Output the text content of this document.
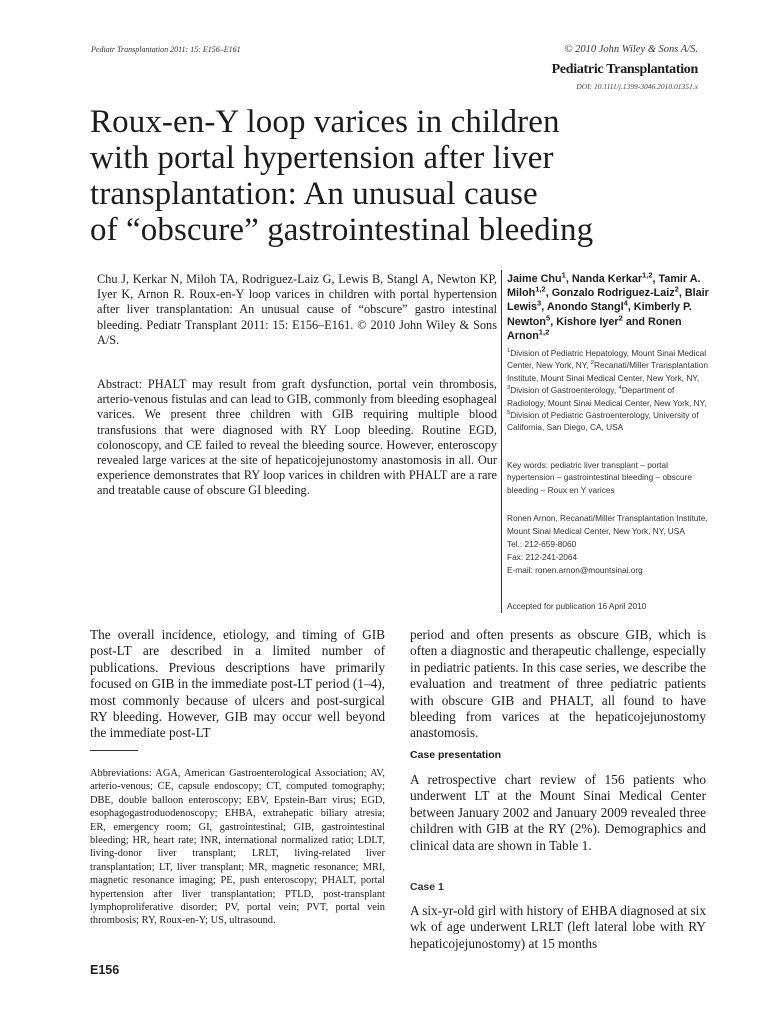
Pediatr Transplantation 2011: 15: E156–E161	© 2010 John Wiley & Sons A/S.
Pediatric Transplantation
DOI: 10.1111/j.1399-3046.2010.01351.x
Roux-en-Y loop varices in children
with portal hypertension after liver
transplantation: An unusual cause
of “obscure” gastrointestinal bleeding

Chu J, Kerkar N, Miloh TA, Rodriguez-Laiz G, Lewis B, Stangl A, Newton KP, Iyer K, Arnon R. Roux-en-Y loop varices in children with portal hypertension after liver transplantation: An unusual cause of “obscure” gastro intestinal bleeding. Pediatr Transplant 2011: 15: E156–E161. © 2010 John Wiley & Sons A/S.

Abstract: PHALT may result from graft dysfunction, portal vein thrombosis, arterio-venous fistulas and can lead to GIB, commonly from bleeding esophageal varices. We present three children with GIB requiring multiple blood transfusions that were diagnosed with RY Loop bleeding. Routine EGD, colonoscopy, and CE failed to reveal the bleeding source. However, enteroscopy revealed large varices at the site of hepaticojejunostomy anastomosis in all. Our experience demonstrates that RY loop varices in children with PHALT are a rare and treatable cause of obscure GI bleeding.

Jaime Chu$^1$, Nanda Kerkar$^{1,2}$, Tamir A. Miloh$^{1,2}$, Gonzalo Rodriguez-Laiz$^2$, Blair Lewis$^3$, Anondo Stangl$^4$, Kimberly P. Newton$^5$, Kishore Iyer$^2$ and Ronen Arnon$^{1,2}$

$^1$Division of Pediatric Hepatology, Mount Sinai Medical Center, New York, NY, $^2$Recanati/Miller Transplantation Institute, Mount Sinai Medical Center, New York, NY, $^3$Division of Gastroenterology, $^4$Department of Radiology, Mount Sinai Medical Center, New York, NY, $^5$Division of Pediatric Gastroenterology, University of California, San Diego, CA, USA

Key words: pediatric liver transplant – portal hypertension – gastrointestinal bleeding – obscure bleeding – Roux en Y varices

Ronen Arnon, Recanati/Miller Transplantation Institute, Mount Sinai Medical Center, New York, NY, USA
Tel.: 212-659-8060
Fax: 212-241-2064
E-mail: ronen.arnon@mountsinai.org

Accepted for publication 16 April 2010

The overall incidence, etiology, and timing of GIB post-LT are described in a limited number of publications. Previous descriptions have primarily focused on GIB in the immediate post-LT period (1–4), most commonly because of ulcers and post-surgical RY bleeding. However, GIB may occur well beyond the immediate post-LT

period and often presents as obscure GIB, which is often a diagnostic and therapeutic challenge, especially in pediatric patients. In this case series, we describe the evaluation and treatment of three pediatric patients with obscure GIB and PHALT, all found to have bleeding from varices at the hepaticojejunostomy anastomosis.

Case presentation

A retrospective chart review of 156 patients who underwent LT at the Mount Sinai Medical Center between January 2002 and January 2009 revealed three children with GIB at the RY (2%). Demographics and clinical data are shown in Table 1.

Case 1

A six-yr-old girl with history of EHBA diagnosed at six wk of age underwent LRLT (left lateral lobe with RY hepaticojejunostomy) at 15 months

Abbreviations: AGA, American Gastroenterological Association; AV, arterio-venous; CE, capsule endoscopy; CT, computed tomography; DBE, double balloon enteroscopy; EBV, Epstein-Barr virus; EGD, esophagogastroduodenoscopy; EHBA, extrahepatic biliary atresia; ER, emergency room; GI, gastrointestinal; GIB, gastrointestinal bleeding; HR, heart rate; INR, international normalized ratio; LDLT, living-donor liver transplant; LRLT, living-related liver transplantation; LT, liver transplant; MR, magnetic resonance; MRI, magnetic resonance imaging; PE, push enteroscopy; PHALT, portal hypertension after liver transplantation; PTLD, post-transplant lymphoproliferative disorder; PV, portal vein; PVT, portal vein thrombosis; RY, Roux-en-Y; US, ultrasound.

E156
